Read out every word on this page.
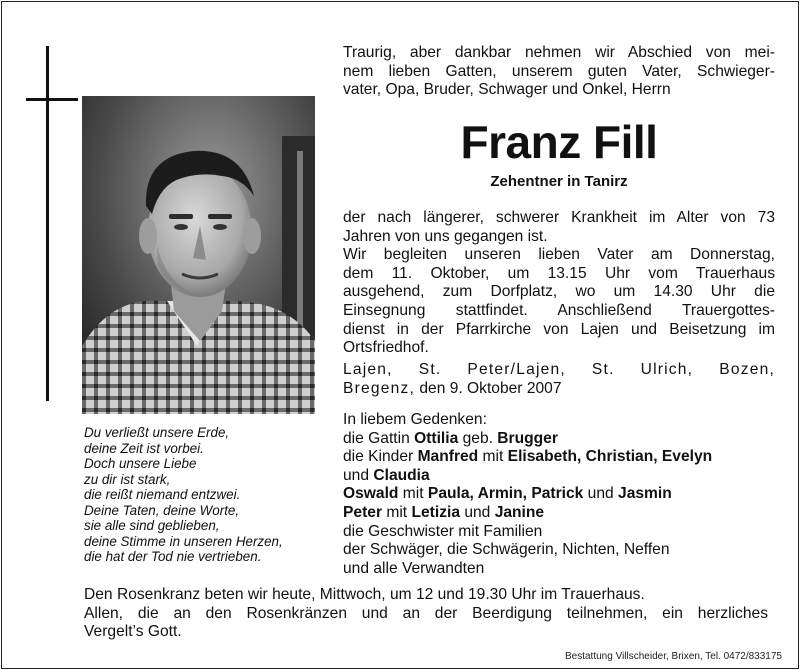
Du verließt unsere Erde,
deine Zeit ist vorbei.
Doch unsere Liebe
zu dir ist stark,
die reißt niemand entzwei.
Deine Taten, deine Worte,
sie alle sind geblieben,
deine Stimme in unseren Herzen,
die hat der Tod nie vertrieben.
Traurig, aber dankbar nehmen wir Abschied von mei-
nem lieben Gatten, unserem guten Vater, Schwieger-
vater, Opa, Bruder, Schwager und Onkel, Herrn
Franz Fill
Zehentner in Tanirz
der nach längerer, schwerer Krankheit im Alter von 73
Jahren von uns gegangen ist.
Wir begleiten unseren lieben Vater am Donnerstag,
dem 11. Oktober, um 13.15 Uhr vom Trauerhaus
ausgehend, zum Dorfplatz, wo um 14.30 Uhr die
Einsegnung stattfindet. Anschließend Trauergottes-
dienst in der Pfarrkirche von Lajen und Beisetzung im
Ortsfriedhof.
Lajen, St. Peter/Lajen, St. Ulrich, Bozen,
Bregenz, den 9. Oktober 2007
In liebem Gedenken:
die Gattin Ottilia geb. Brugger
die Kinder Manfred mit Elisabeth, Christian, Evelyn
und Claudia
Oswald mit Paula, Armin, Patrick und Jasmin
Peter mit Letizia und Janine
die Geschwister mit Familien
der Schwäger, die Schwägerin, Nichten, Neffen
und alle Verwandten
Den Rosenkranz beten wir heute, Mittwoch, um 12 und 19.30 Uhr im Trauerhaus.
Allen, die an den Rosenkränzen und an der Beerdigung teilnehmen, ein herzliches
Vergelt’s Gott.
Bestattung Villscheider, Brixen, Tel. 0472/833175
